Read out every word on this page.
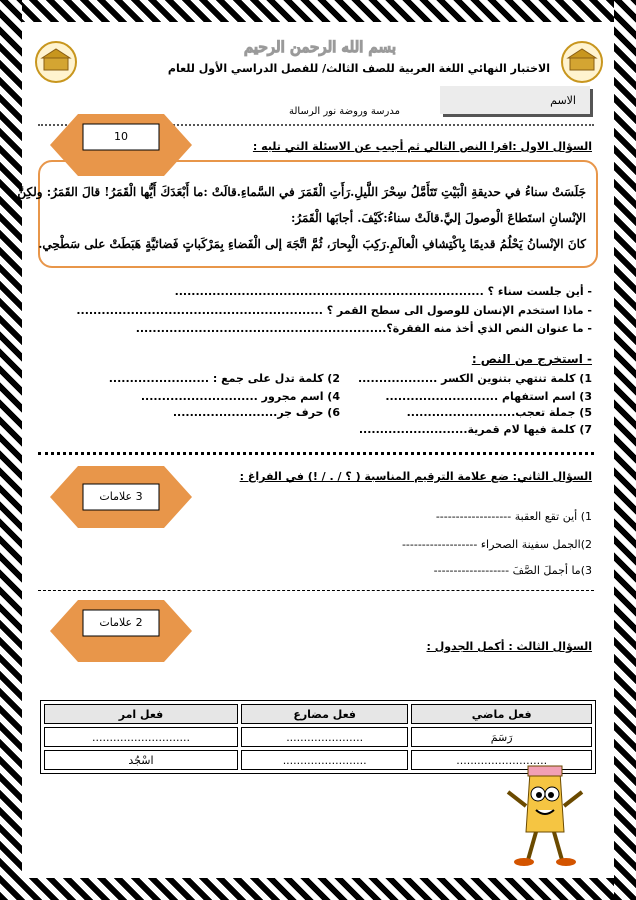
بسم الله الرحمن الرحيم
الاختبار النهائي اللغة العربية للصف الثالث/ للفصل الدراسي الأول للعام
الاسم
مدرسة وروضة نور الرسالة
10
السؤال الاول :اقرا النص التالي ثم أجيب عن الاسئلة التي تليه :
جَلَسَتْ سناءُ في حديقةِ الْبَيْتِ تَتَأَمَّلُ سِحْرَ اللَّيلِ.رَأَتِ الْقَمَرَ في السَّماءِ.قالَتْ :ما أَبْعَدَكَ أَيُّها الْقَمَرُ! قالَ القَمَرُ: ولكِنَّ
الإنْسانِ استَطاعَ الْوصولَ إليَّ.قالَتْ سناءُ:كَيْفَ. أجابَها الْقَمَرُ:
كانَ الإنْسانُ يَحْلُمُ قديمًا بِاكْتِشافِ الْعالَمِ.رَكِبَ الْبِحارَ، ثُمَّ اتَّجَهَ إلى الْفَضاءِ بِمَرْكَباتٍ فَضائيَّةٍ هَبَطَتْ على سَطْحِي.
- أين جلست سناء ؟ ..........................................................................
- ماذا استخدم الإنسان للوصول الى سطح القمر ؟ ...........................................................
- ما عنوان النص الذي أخذ منه الفقرة؟............................................................
- استخرج من النص :
1) كلمة تنتهي بتنوين الكسر ...................
3) اسم استفهام ...........................
5) جملة تعجب..........................
7) كلمة فيها لام قمرية..........................
2) كلمة تدل على جمع : ........................
4) اسم مجرور ............................
6) حرف جر.........................
3 علامات
السؤال الثاني: ضع علامة الترقيم المناسبة ( ؟ / . / !) في الفراغ :
1) أين تقع العقبة -------------------
2)الجمل سفينة الصحراء -------------------
3)ما أجملَ الصَّفَ -------------------
2 علامات
السؤال الثالث : أكمل الجدول :
فعل ماضي	فعل مضارع	فعل امر
رَسَمَ	......................	............................
..........................	........................	اسْجُد
